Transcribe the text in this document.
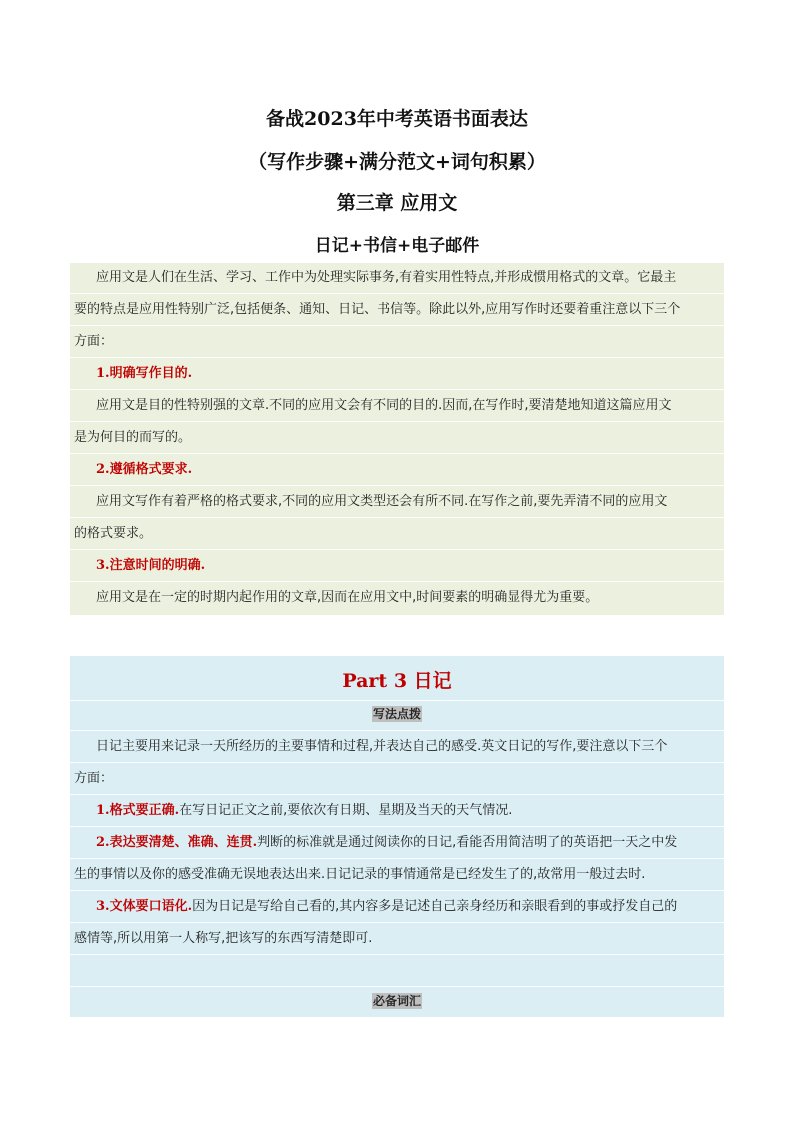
备战2023年中考英语书面表达
（写作步骤+满分范文+词句积累）
第三章 应用文
日记+书信+电子邮件
应用文是人们在生活、学习、工作中为处理实际事务,有着实用性特点,并形成惯用格式的文章。它最主
要的特点是应用性特别广泛,包括便条、通知、日记、书信等。除此以外,应用写作时还要着重注意以下三个
方面：
1.明确写作目的.
应用文是目的性特别强的文章.不同的应用文会有不同的目的.因而,在写作时,要清楚地知道这篇应用文
是为何目的而写的。
2.遵循格式要求.
应用文写作有着严格的格式要求,不同的应用文类型还会有所不同.在写作之前,要先弄清不同的应用文
的格式要求。
3.注意时间的明确.
应用文是在一定的时期内起作用的文章,因而在应用文中,时间要素的明确显得尤为重要。
Part 3 日记
写法点拨
日记主要用来记录一天所经历的主要事情和过程,并表达自己的感受.英文日记的写作,要注意以下三个
方面：
1.格式要正确.在写日记正文之前,要依次有日期、星期及当天的天气情况.
2.表达要清楚、准确、连贯.判断的标准就是通过阅读你的日记,看能否用简洁明了的英语把一天之中发
生的事情以及你的感受准确无误地表达出来.日记记录的事情通常是已经发生了的,故常用一般过去时.
3.文体要口语化.因为日记是写给自己看的,其内容多是记述自己亲身经历和亲眼看到的事或抒发自己的
感情等,所以用第一人称写,把该写的东西写清楚即可.
必备词汇
